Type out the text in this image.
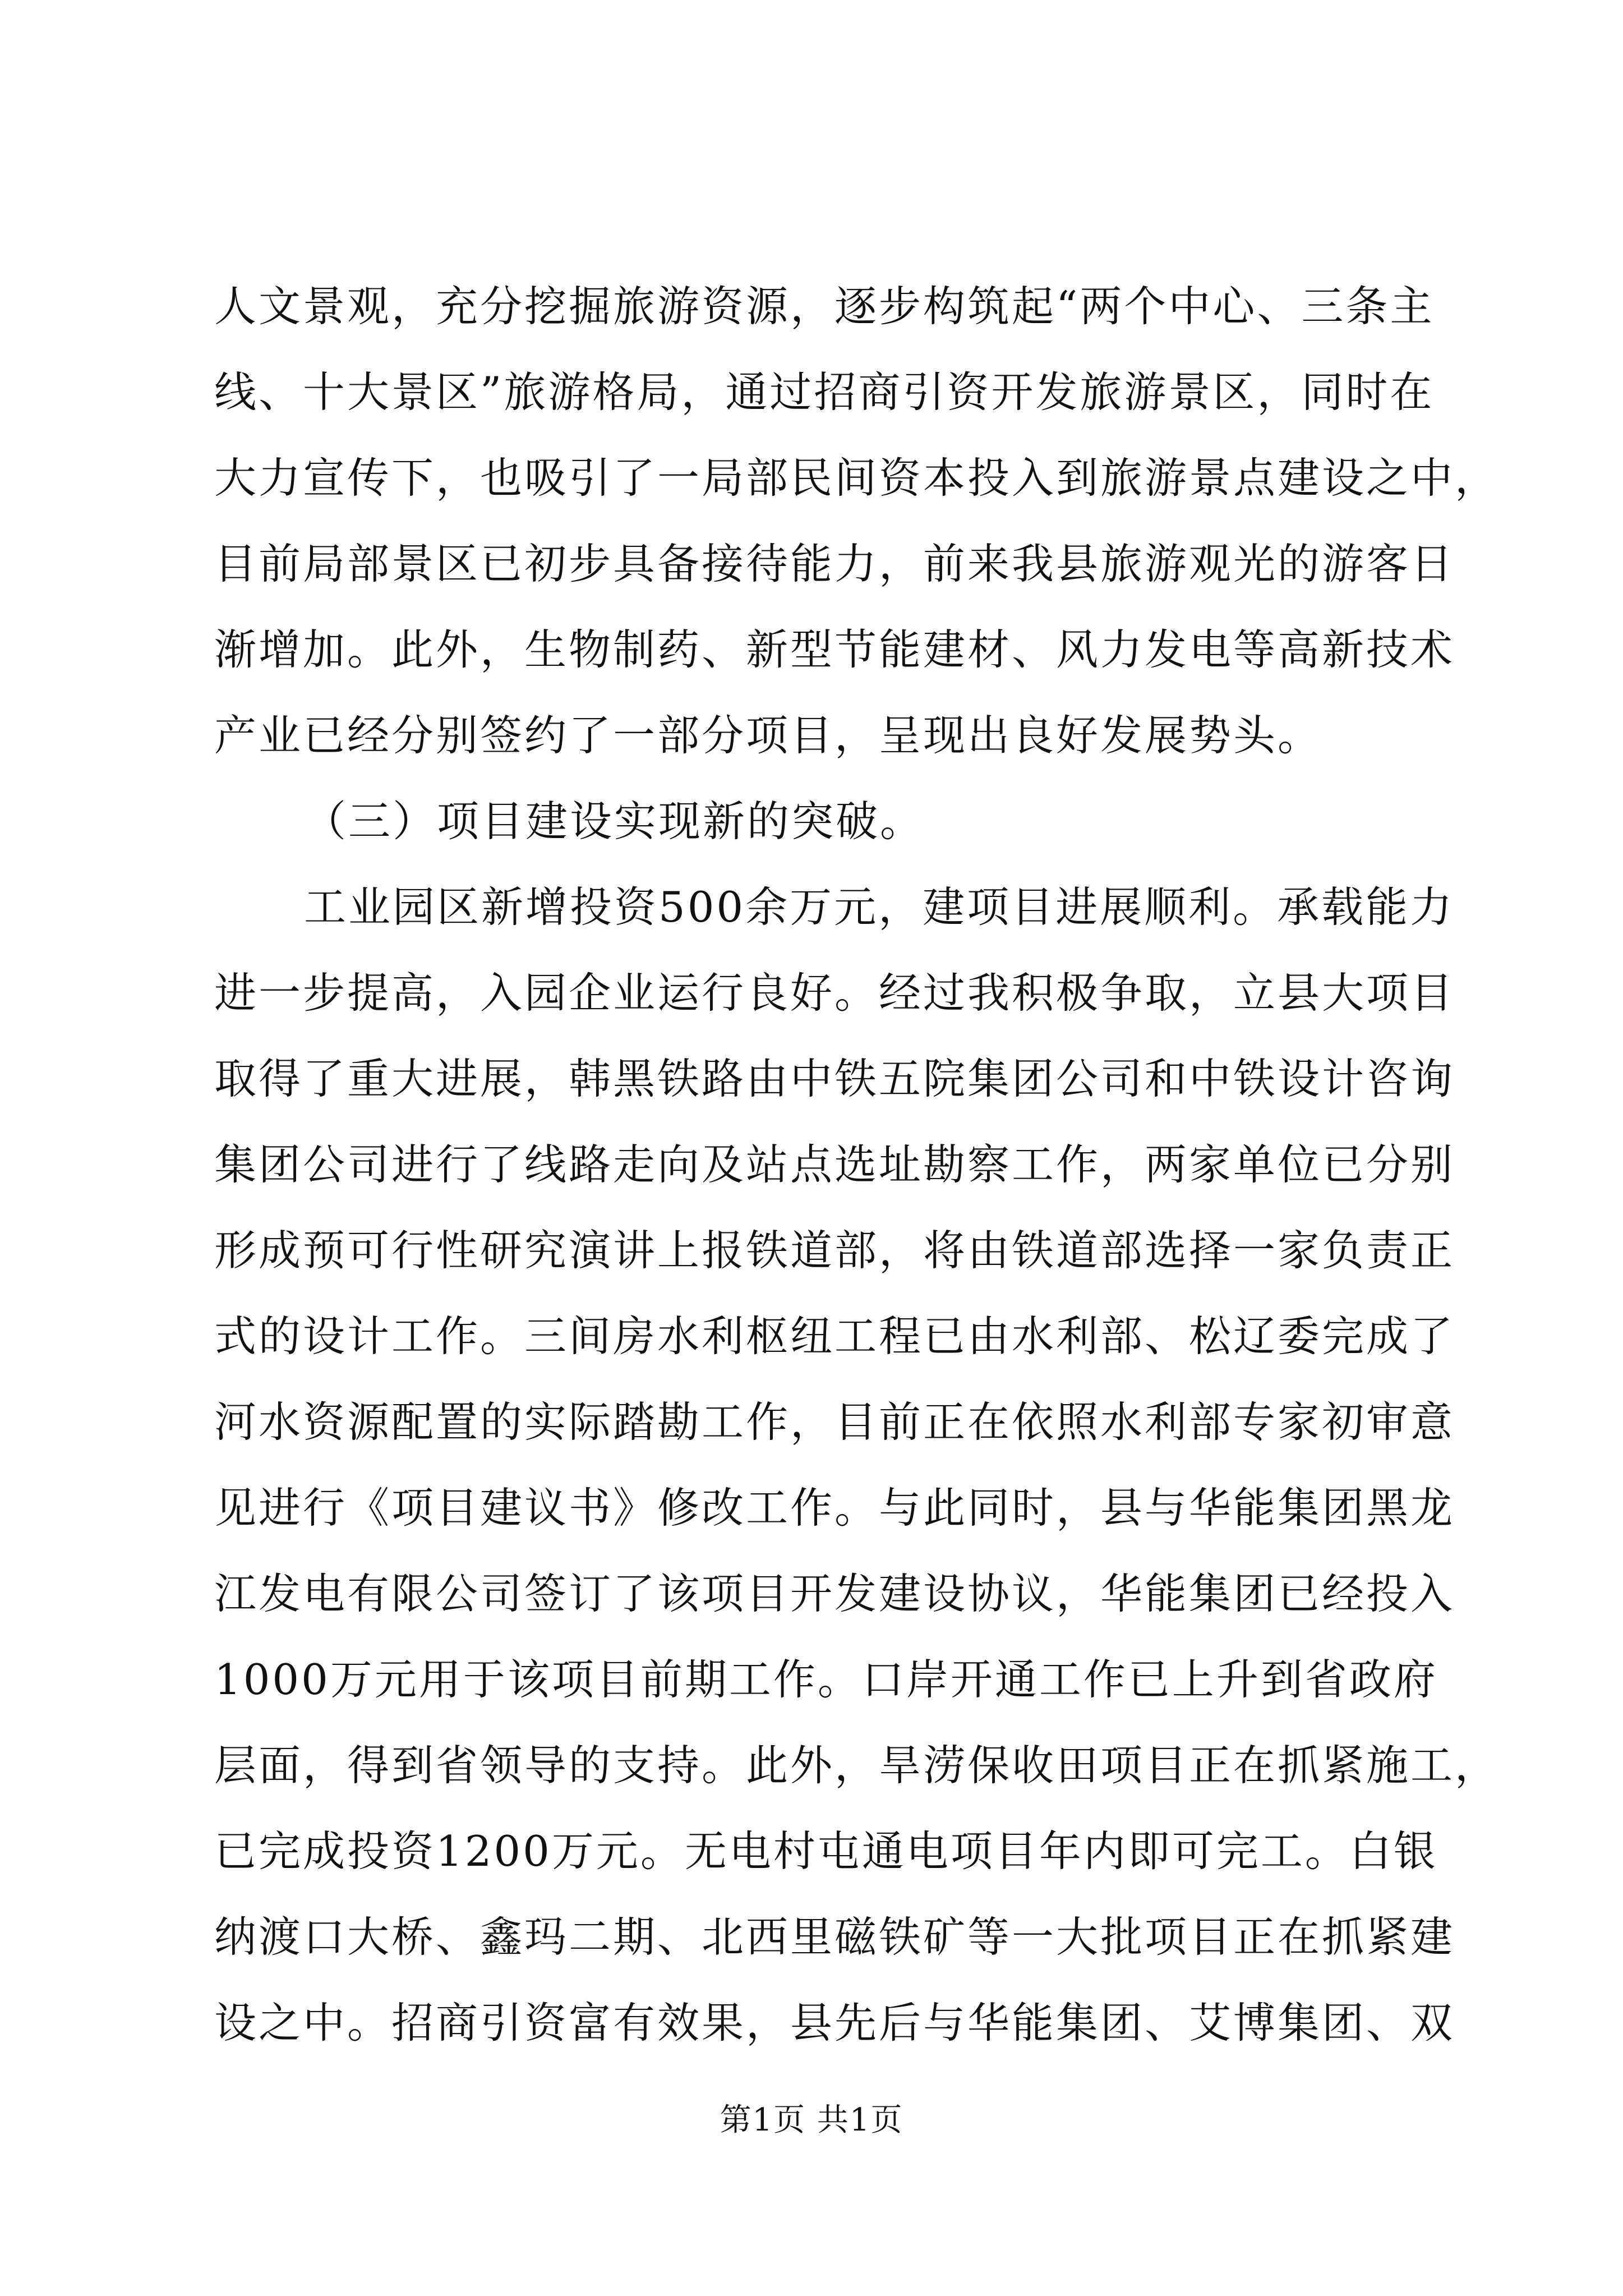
人文景观，充分挖掘旅游资源，逐步构筑起“两个中心、三条主
线、十大景区”旅游格局，通过招商引资开发旅游景区，同时在
大力宣传下，也吸引了一局部民间资本投入到旅游景点建设之中，
目前局部景区已初步具备接待能力，前来我县旅游观光的游客日
渐增加。此外，生物制药、新型节能建材、风力发电等高新技术
产业已经分别签约了一部分项目，呈现出良好发展势头。
（三）项目建设实现新的突破。
工业园区新增投资500余万元，建项目进展顺利。承载能力
进一步提高，入园企业运行良好。经过我积极争取，立县大项目
取得了重大进展，韩黑铁路由中铁五院集团公司和中铁设计咨询
集团公司进行了线路走向及站点选址勘察工作，两家单位已分别
形成预可行性研究演讲上报铁道部，将由铁道部选择一家负责正
式的设计工作。三间房水利枢纽工程已由水利部、松辽委完成了
河水资源配置的实际踏勘工作，目前正在依照水利部专家初审意
见进行《项目建议书》修改工作。与此同时，县与华能集团黑龙
江发电有限公司签订了该项目开发建设协议，华能集团已经投入
1000万元用于该项目前期工作。口岸开通工作已上升到省政府
层面，得到省领导的支持。此外，旱涝保收田项目正在抓紧施工，
已完成投资1200万元。无电村屯通电项目年内即可完工。白银
纳渡口大桥、鑫玛二期、北西里磁铁矿等一大批项目正在抓紧建
设之中。招商引资富有效果，县先后与华能集团、艾博集团、双
第1页 共1页
